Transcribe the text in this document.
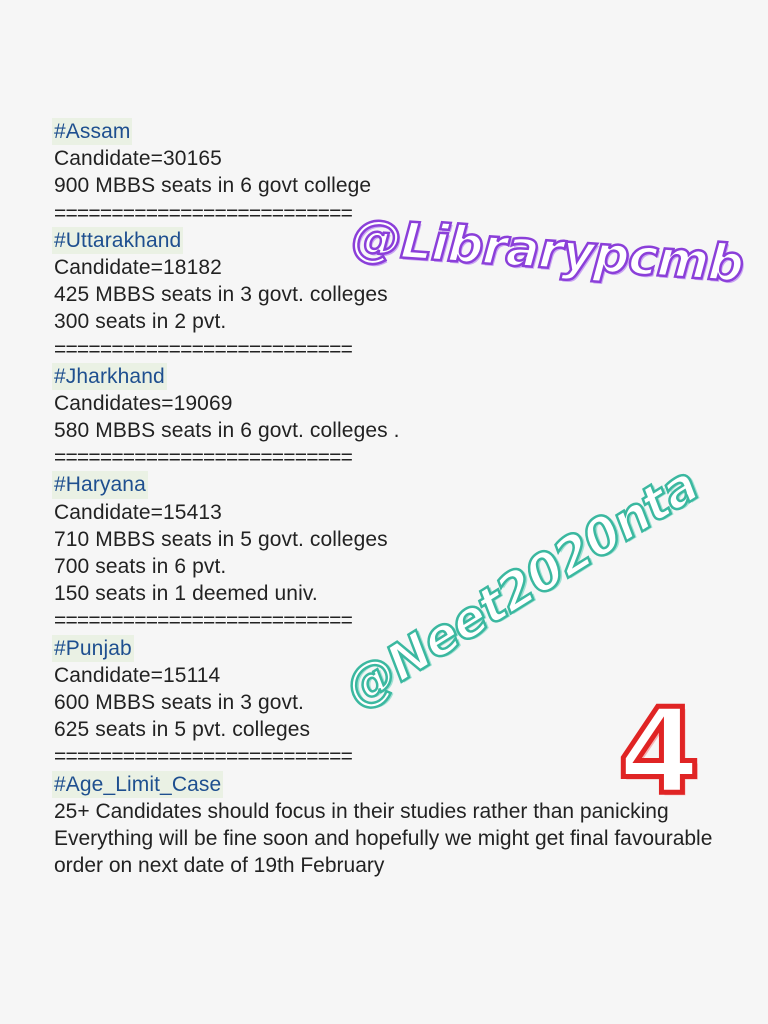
#Assam
Candidate=30165
900 MBBS seats in 6 govt college
==========================
#Uttarakhand
Candidate=18182
425 MBBS seats in 3 govt. colleges
300 seats in 2 pvt.
==========================
#Jharkhand
Candidates=19069
580 MBBS seats in 6 govt. colleges .
==========================
#Haryana
Candidate=15413
710 MBBS seats in 5 govt. colleges
700 seats in 6 pvt.
150 seats in 1 deemed univ.
==========================
#Punjab
Candidate=15114
600 MBBS seats in 3 govt.
625 seats in 5 pvt. colleges
==========================
#Age_Limit_Case
25+ Candidates should focus in their studies rather than panicking
Everything will be fine soon and hopefully we might get final favourable order on next date of 19th February
@Librarypcmb
@Neet2020nta
4
